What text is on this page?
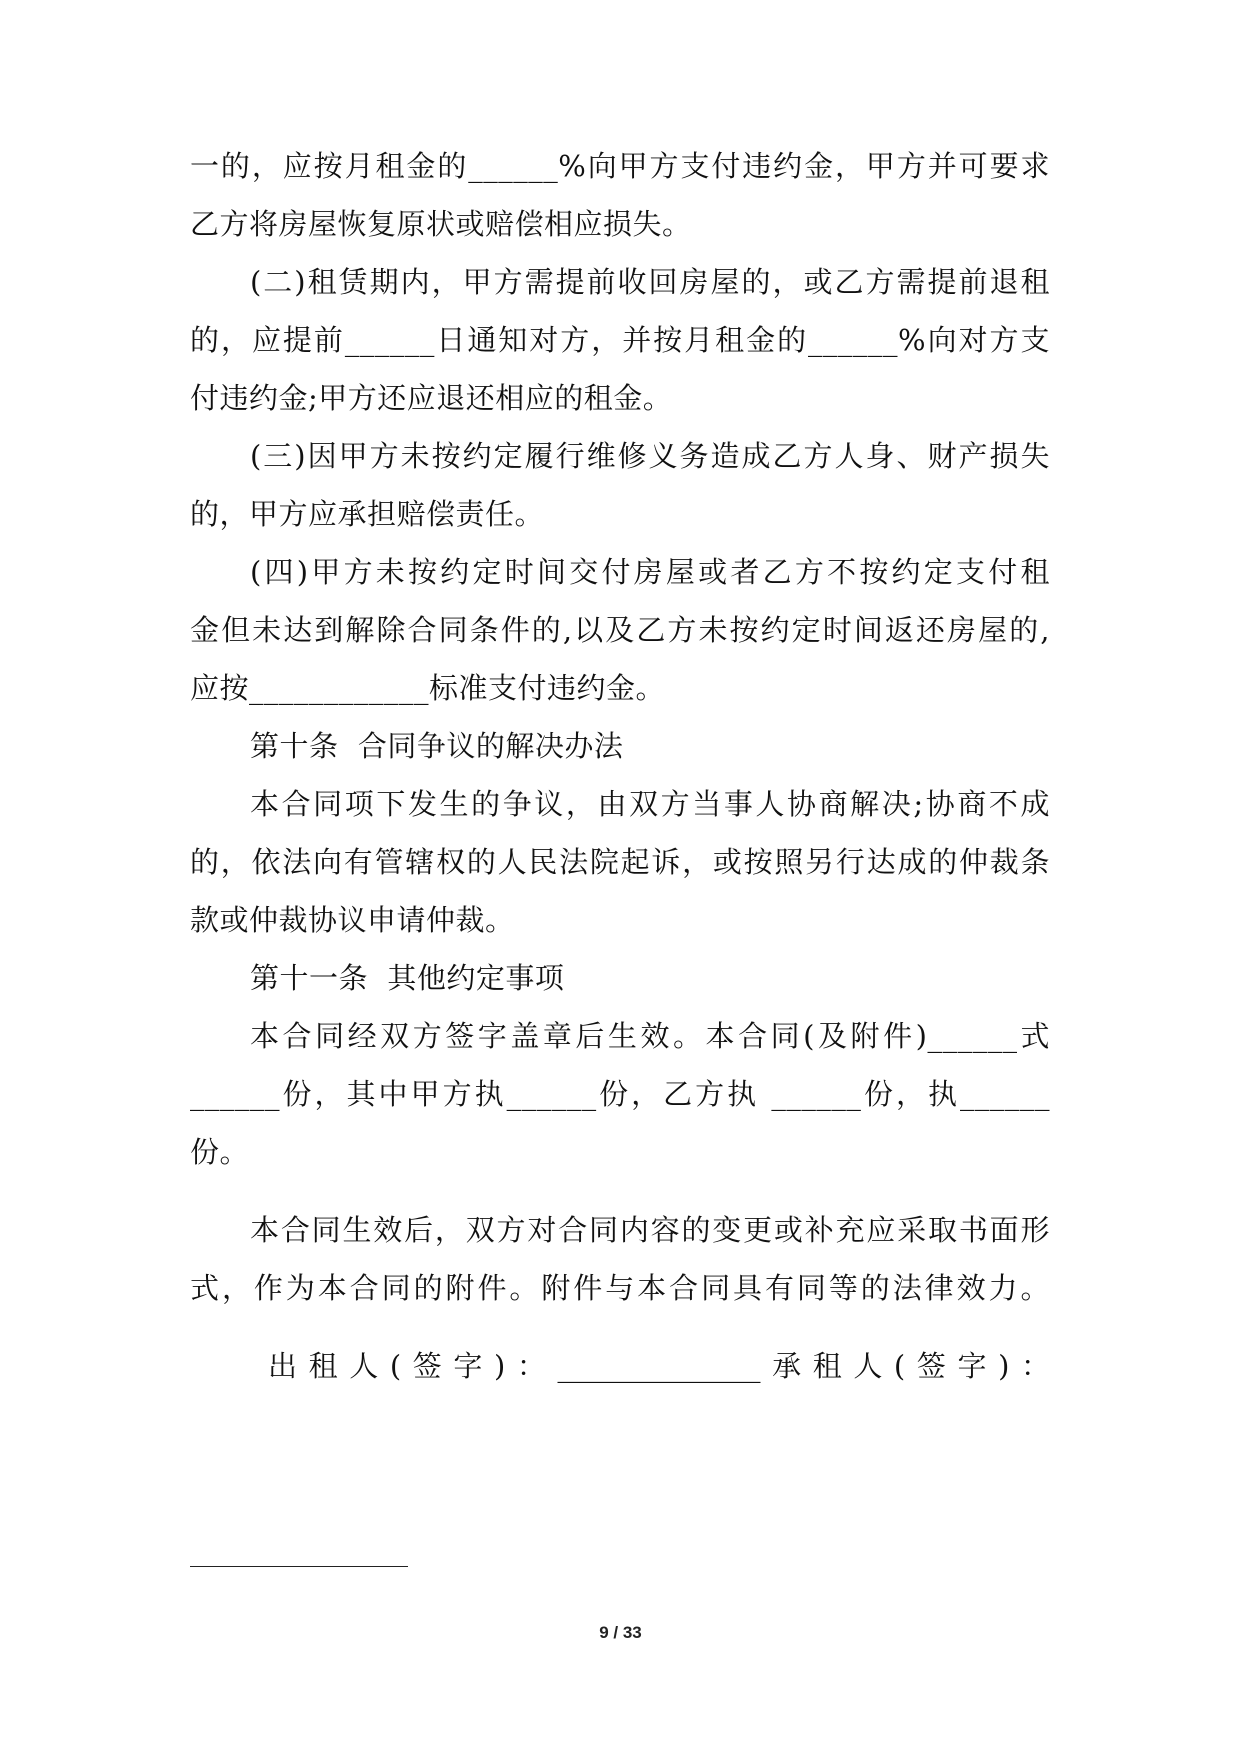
一的，应按月租金的______%向甲方支付违约金，甲方并可要求
乙方将房屋恢复原状或赔偿相应损失。
(二)租赁期内，甲方需提前收回房屋的，或乙方需提前退租
的，应提前______日通知对方，并按月租金的______%向对方支
付违约金;甲方还应退还相应的租金。
(三)因甲方未按约定履行维修义务造成乙方人身、财产损失
的，甲方应承担赔偿责任。
(四)甲方未按约定时间交付房屋或者乙方不按约定支付租
金但未达到解除合同条件的,以及乙方未按约定时间返还房屋的,
应按____________标准支付违约金。
第十条  合同争议的解决办法
本合同项下发生的争议，由双方当事人协商解决;协商不成
的，依法向有管辖权的人民法院起诉，或按照另行达成的仲裁条
款或仲裁协议申请仲裁。
第十一条  其他约定事项
本合同经双方签字盖章后生效。本合同(及附件)______式
______份，其中甲方执______份，乙方执 ______份，执______
份。
本合同生效后，双方对合同内容的变更或补充应采取书面形
式，作为本合同的附件。附件与本合同具有同等的法律效力。
出租人(签字)：______________承租人(签字)：
9 / 33
